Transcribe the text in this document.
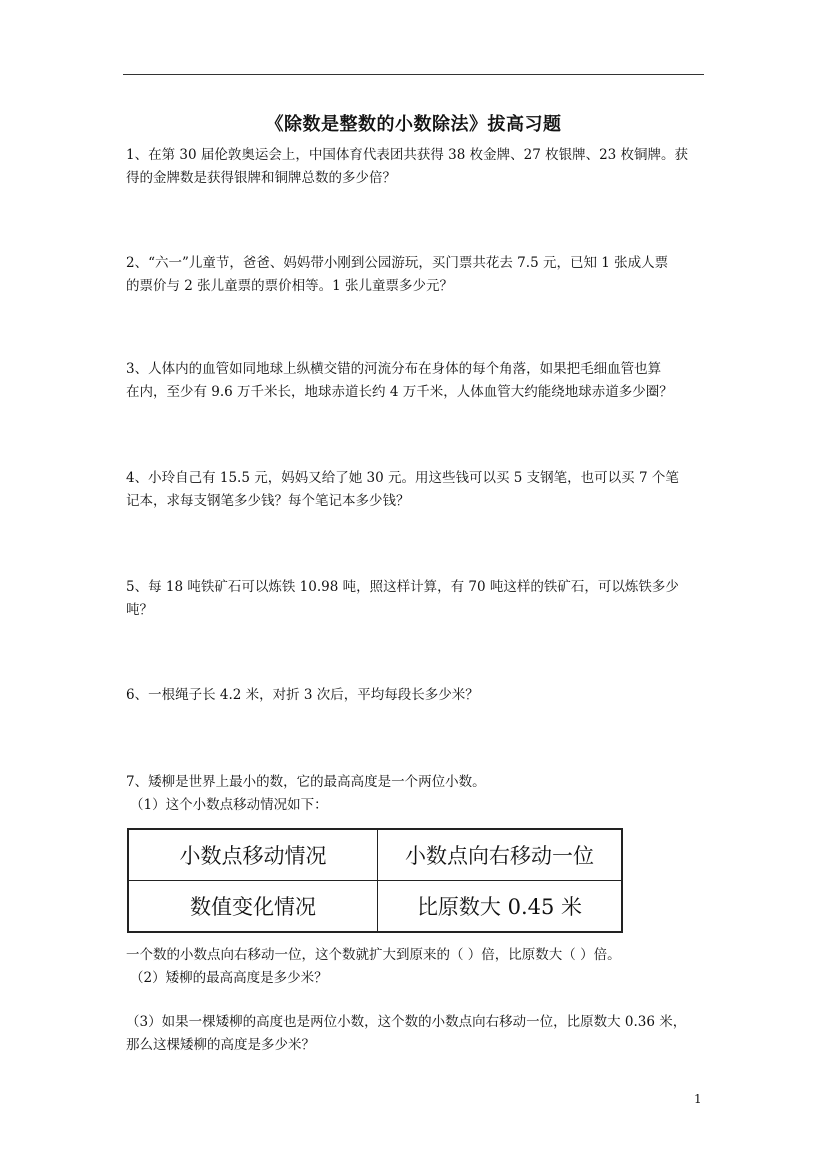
《除数是整数的小数除法》拔高习题

1、在第 30 届伦敦奥运会上，中国体育代表团共获得 38 枚金牌、27 枚银牌、23 枚铜牌。获

得的金牌数是获得银牌和铜牌总数的多少倍？

2、“六一”儿童节，爸爸、妈妈带小刚到公园游玩，买门票共花去 7.5 元，已知 1 张成人票

的票价与 2 张儿童票的票价相等。1 张儿童票多少元？

3、人体内的血管如同地球上纵横交错的河流分布在身体的每个角落，如果把毛细血管也算

在内，至少有 9.6 万千米长，地球赤道长约 4 万千米，人体血管大约能绕地球赤道多少圈？

4、小玲自己有 15.5 元，妈妈又给了她 30 元。用这些钱可以买 5 支钢笔，也可以买 7 个笔

记本，求每支钢笔多少钱？每个笔记本多少钱？

5、每 18 吨铁矿石可以炼铁 10.98 吨，照这样计算，有 70 吨这样的铁矿石，可以炼铁多少

吨？

6、一根绳子长 4.2 米，对折 3 次后，平均每段长多少米？

7、矮柳是世界上最小的数，它的最高高度是一个两位小数。

（1）这个小数点移动情况如下：

小数点移动情况	小数点向右移动一位
数值变化情况	比原数大 0.45 米

一个数的小数点向右移动一位，这个数就扩大到原来的（ ）倍，比原数大（ ）倍。

（2）矮柳的最高高度是多少米？

（3）如果一棵矮柳的高度也是两位小数，这个数的小数点向右移动一位，比原数大 0.36 米，

那么这棵矮柳的高度是多少米？

1
